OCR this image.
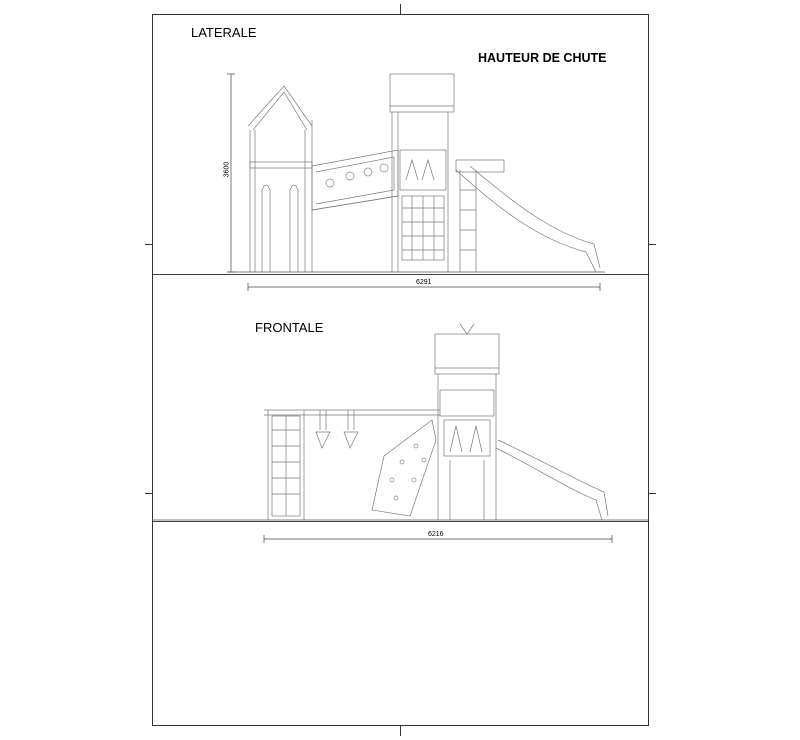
LATERALE
HAUTEUR DE CHUTE
FRONTALE
6291
3600
6216
